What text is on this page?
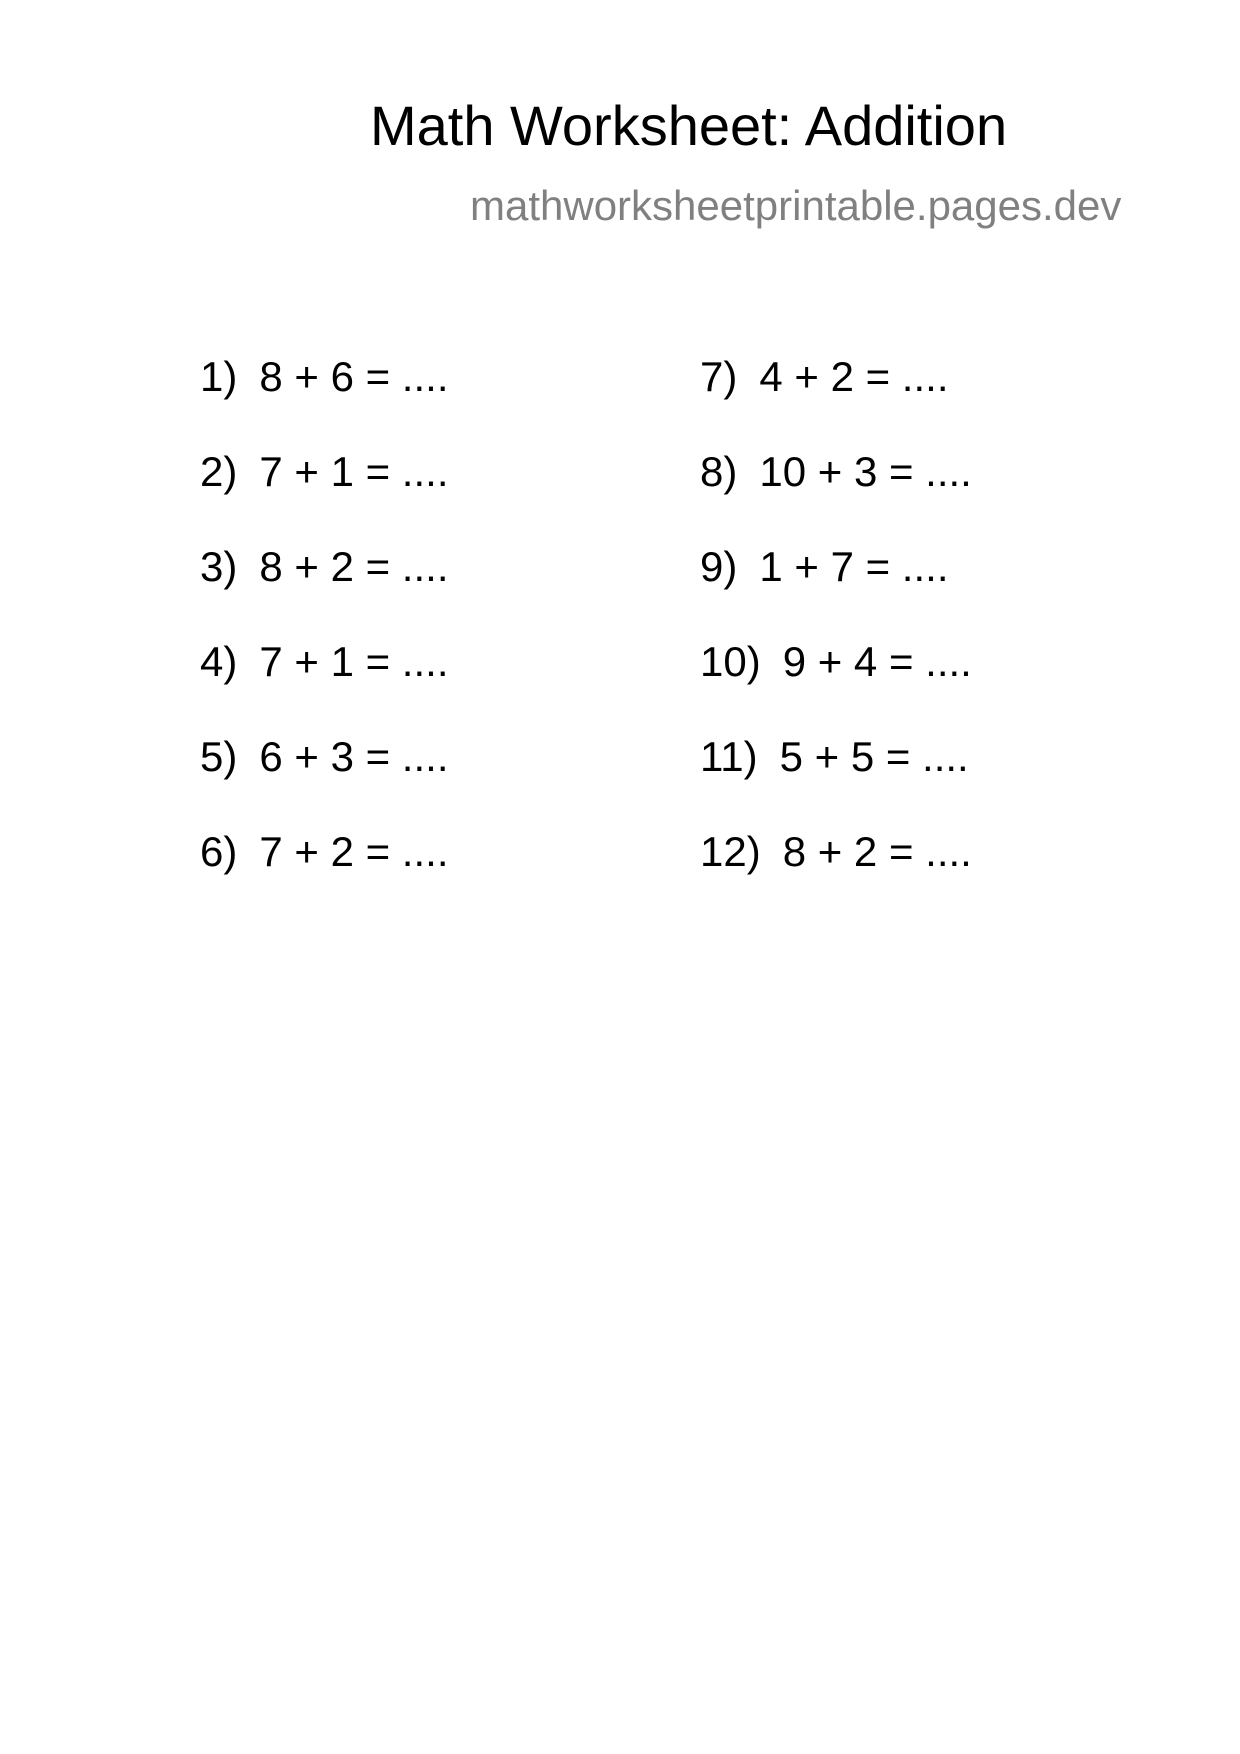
Math Worksheet: Addition
mathworksheetprintable.pages.dev
1) 8 + 6 = ....
2) 7 + 1 = ....
3) 8 + 2 = ....
4) 7 + 1 = ....
5) 6 + 3 = ....
6) 7 + 2 = ....
7) 4 + 2 = ....
8) 10 + 3 = ....
9) 1 + 7 = ....
10) 9 + 4 = ....
11) 5 + 5 = ....
12) 8 + 2 = ....
